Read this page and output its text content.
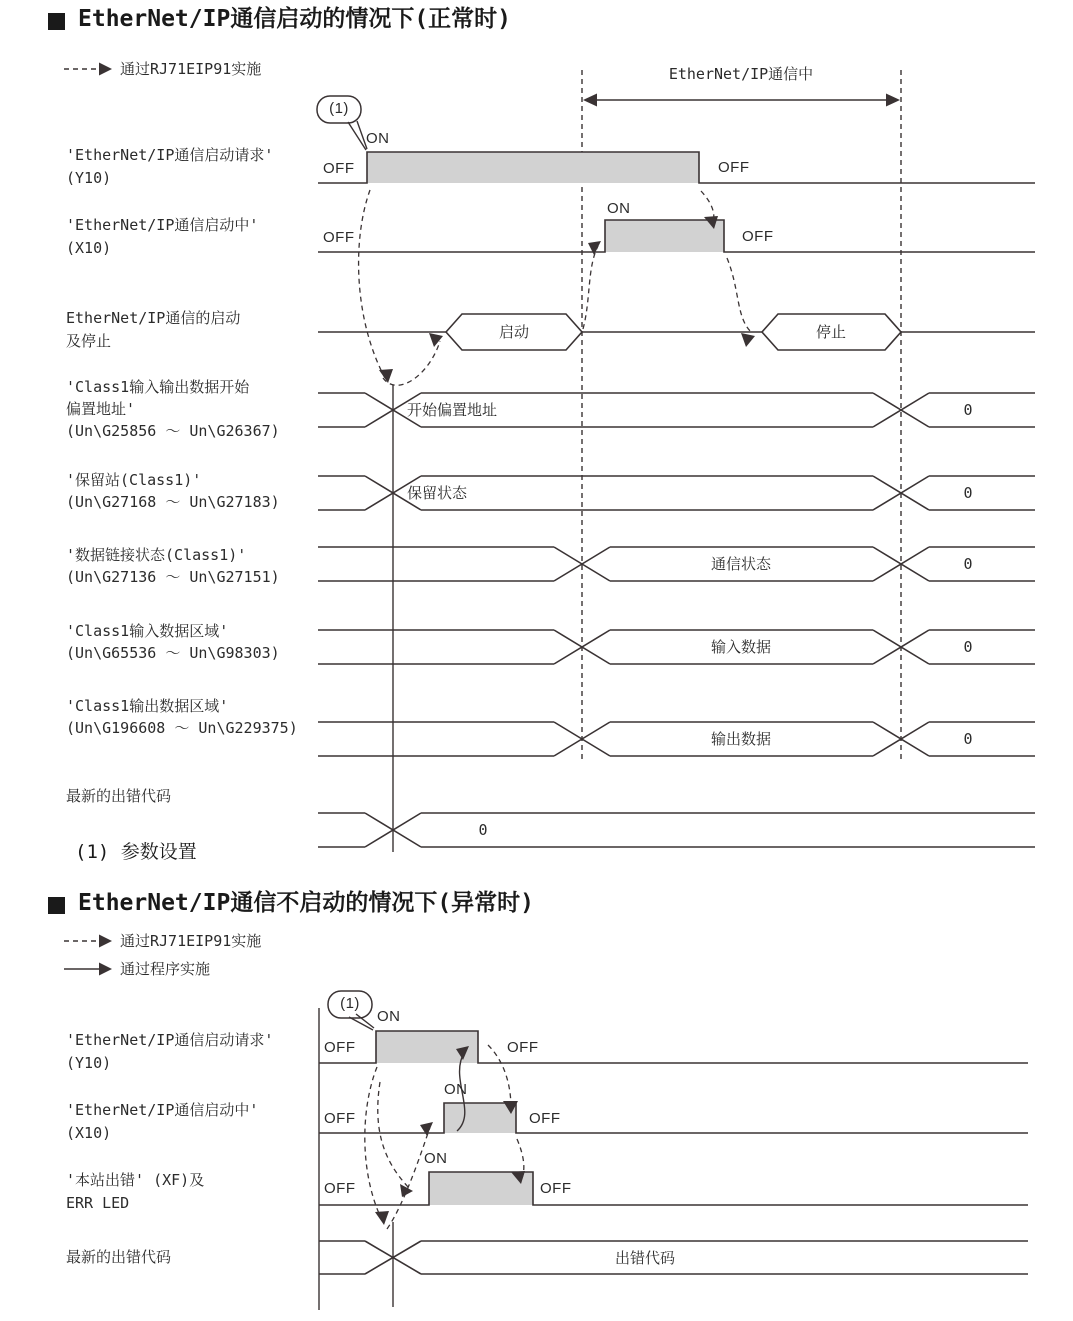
EtherNet/IP通信启动的情况下(正常时)
通过RJ71EIP91实施	EtherNet/IP通信中
(1)
'EtherNet/IP通信启动请求'
(Y10)
'EtherNet/IP通信启动中'
(X10)
EtherNet/IP通信的启动
及停止
'Class1输入输出数据开始
偏置地址'
(Un\G25856 ～ Un\G26367)
'保留站(Class1)'
(Un\G27168 ～ Un\G27183)
'数据链接状态(Class1)'
(Un\G27136 ～ Un\G27151)
'Class1输入数据区域'
(Un\G65536 ～ Un\G98303)
'Class1输出数据区域'
(Un\G196608 ～ Un\G229375)
最新的出错代码
ON
OFF	OFF
ON
OFF	OFF
启动	停止
开始偏置地址
保留状态
通信状态
输入数据
输出数据
0
0
0
0
0
0
(1) 参数设置
EtherNet/IP通信不启动的情况下(异常时)
通过RJ71EIP91实施
通过程序实施
(1)
'EtherNet/IP通信启动请求'
(Y10)
'EtherNet/IP通信启动中'
(X10)
'本站出错' (XF)及
ERR LED
最新的出错代码
ON
OFF	OFF
ON
OFF	OFF
ON
OFF	OFF
出错代码
